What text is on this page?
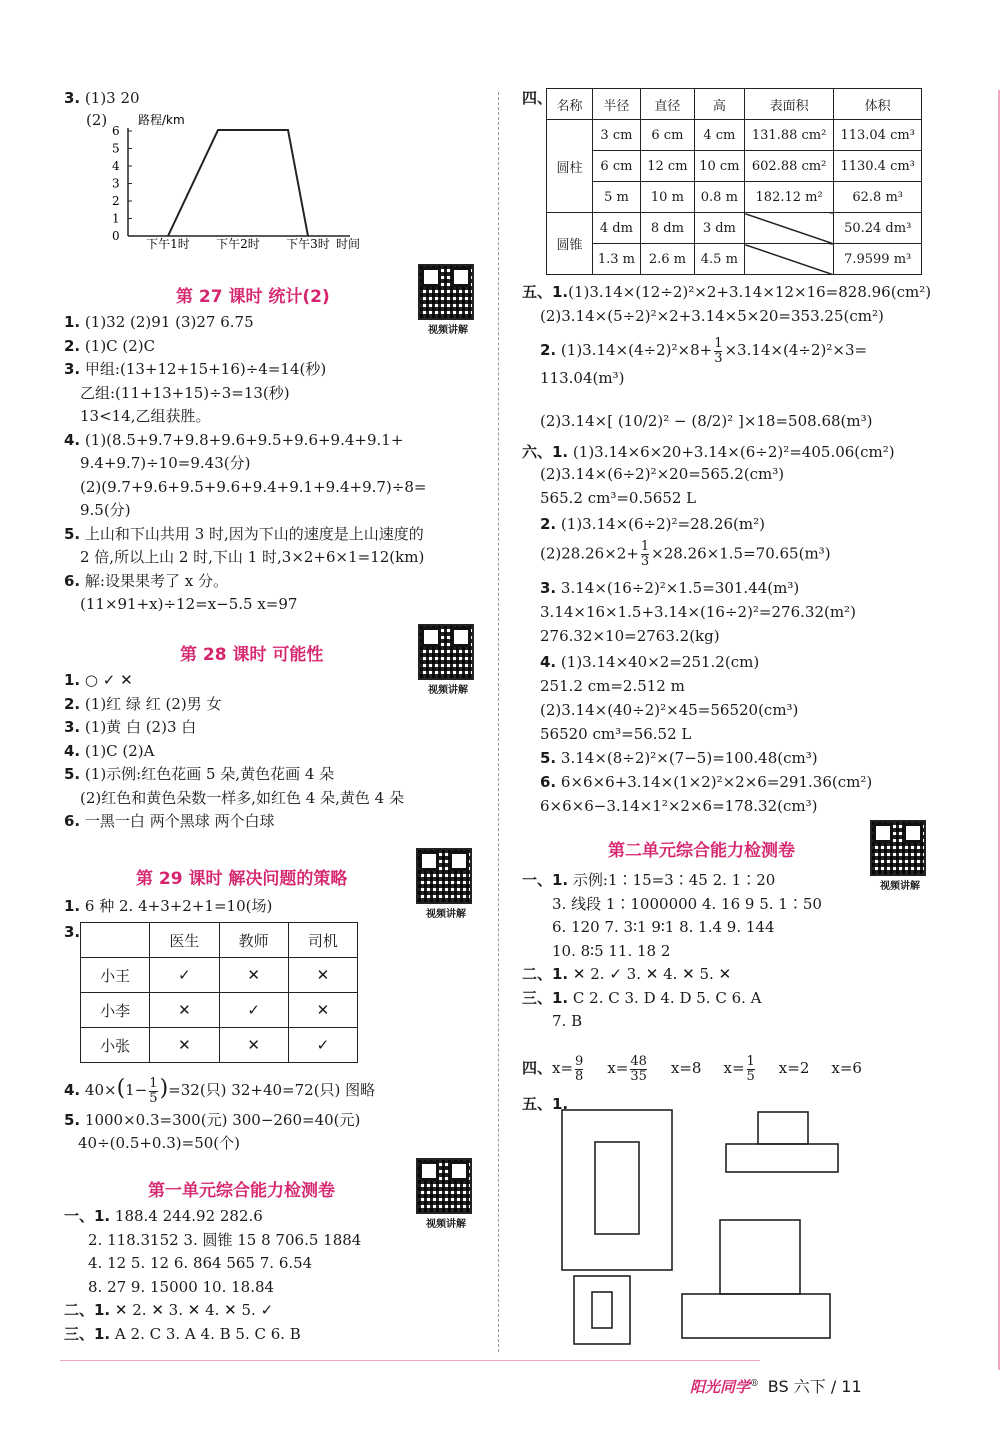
3. (1)3 20
(2)	路程/km
0
1
2
3
4
5
6
下午1时 下午2时 下午3时 时间
第 27 课时 统计(2)
视频讲解
1. (1)32 (2)91 (3)27 6.75
2. (1)C (2)C
3. 甲组:(13+12+15+16)÷4=14(秒)
乙组:(11+13+15)÷3=13(秒)
13<14,乙组获胜。
4. (1)(8.5+9.7+9.8+9.6+9.5+9.6+9.4+9.1+
9.4+9.7)÷10=9.43(分)
(2)(9.7+9.6+9.5+9.6+9.4+9.1+9.4+9.7)÷8=
9.5(分)
5. 上山和下山共用 3 时,因为下山的速度是上山速度的
2 倍,所以上山 2 时,下山 1 时,3×2+6×1=12(km)
6. 解:设果果考了 x 分。
(11×91+x)÷12=x−5.5 x=97
第 28 课时 可能性
视频讲解
1. ○ ✓ ✕
2. (1)红 绿 红 (2)男 女
3. (1)黄 白 (2)3 白
4. (1)C (2)A
5. (1)示例:红色花画 5 朵,黄色花画 4 朵
(2)红色和黄色朵数一样多,如红色 4 朵,黄色 4 朵
6. 一黑一白 两个黑球 两个白球
第 29 课时 解决问题的策略
视频讲解
1. 6 种 2. 4+3+2+1=10(场)
3.
		医生	教师	司机
小王	✓	✕	✕
小李	✕	✓	✕
小张	✕	✕	✓
4. $40\times(1- \frac{1}{5} )=32$(只) 32+40=72(只) 图略
5. 1000×0.3=300(元) 300−260=40(元)
40÷(0.5+0.3)=50(个)
第一单元综合能力检测卷
视频讲解
一、1. 188.4 244.92 282.6
2. 118.3152 3. 圆锥 15 8 706.5 1884
4. 12 5. 12 6. 864 565 7. 6.54
8. 27 9. 15000 10. 18.84
二、1. ✕ 2. ✕ 3. ✕ 4. ✕ 5. ✓
三、1. A 2. C 3. A 4. B 5. C 6. B
四、 名称	半径	直径	高	表面积	体积
圆柱	3 cm	6 cm	4 cm	131.88 cm²	113.04 cm³
	6 cm	12 cm	10 cm	602.88 cm²	1130.4 cm³
	5 m	10 m	0.8 m	182.12 m²	62.8 m³
圆锥	4 dm	8 dm	3 dm		50.24 dm³
	1.3 m	2.6 m	4.5 m		7.9599 m³
五、1.(1)3.14×(12÷2)²×2+3.14×12×16=828.96(cm²)
(2)3.14×(5÷2)²×2+3.14×5×20=353.25(cm²)
2. $(1)3.14\times(4\div 2)^2\times 8+ \frac{1}{3} \times 3.14\times(4\div 2)^2\times 3=$
113.04(m³)
(2)3.14×[ (10/2)² − (8/2)² ]×18=508.68(m³)
六、1. (1)3.14×6×20+3.14×(6÷2)²=405.06(cm²)
(2)3.14×(6÷2)²×20=565.2(cm³)
565.2 cm³=0.5652 L
2. (1)3.14×(6÷2)²=28.26(m²)
$(2)28.26\times 2+ \frac{1}{3} \times 28.26\times 1.5=70.65(m^3)$
3. 3.14×(16÷2)²×1.5=301.44(m³)
3.14×16×1.5+3.14×(16÷2)²=276.32(m²)
276.32×10=2763.2(kg)
4. (1)3.14×40×2=251.2(cm)
251.2 cm=2.512 m
(2)3.14×(40÷2)²×45=56520(cm³)
56520 cm³=56.52 L
5. 3.14×(8÷2)²×(7−5)=100.48(cm³)
6. 6×6×6+3.14×(1×2)²×2×6=291.36(cm²)
6×6×6−3.14×1²×2×6=178.32(cm³)
第二单元综合能力检测卷
视频讲解
一、1. 示例:1∶15=3∶45 2. 1∶20
3. 线段 1∶1000000 4. 16 9 5. 1∶50
6. 120 7. 3∶1 9∶1 8. 1.4 9. 144
10. 8∶5 11. 18 2
二、1. ✕ 2. ✓ 3. ✕ 4. ✕ 5. ✕
三、1. C 2. C 3. D 4. D 5. C 6. A
7. B
四、$x= \frac{9}{8} x= \frac{48}{35} x=8$ $x= \frac{1}{5} x=2$ x=6
五、1.
阳光同学® BS 六下 / 11
